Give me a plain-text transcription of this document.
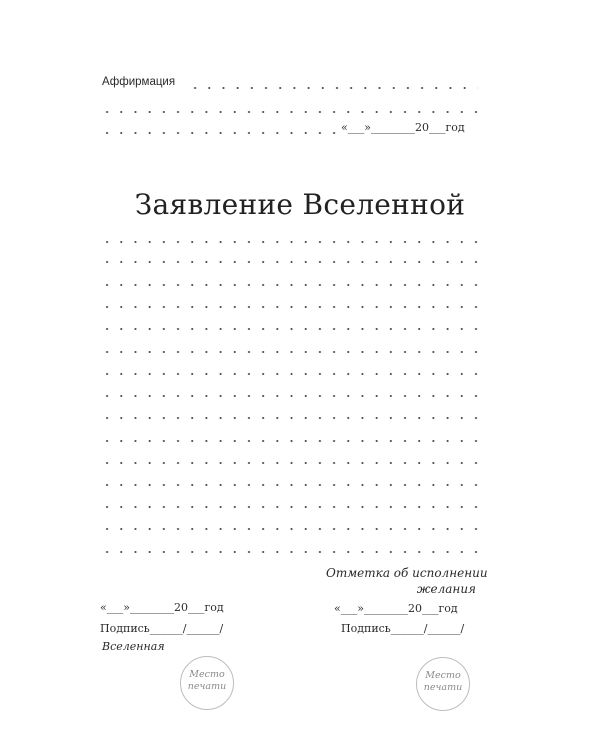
Аффирмация
«___»________20___год
Заявление Вселенной
Отметка об исполнении
желания
«___»________20___год
Подпись______/______/
Вселенная
Место печати
«___»________20___год
Подпись______/______/
Место печати
